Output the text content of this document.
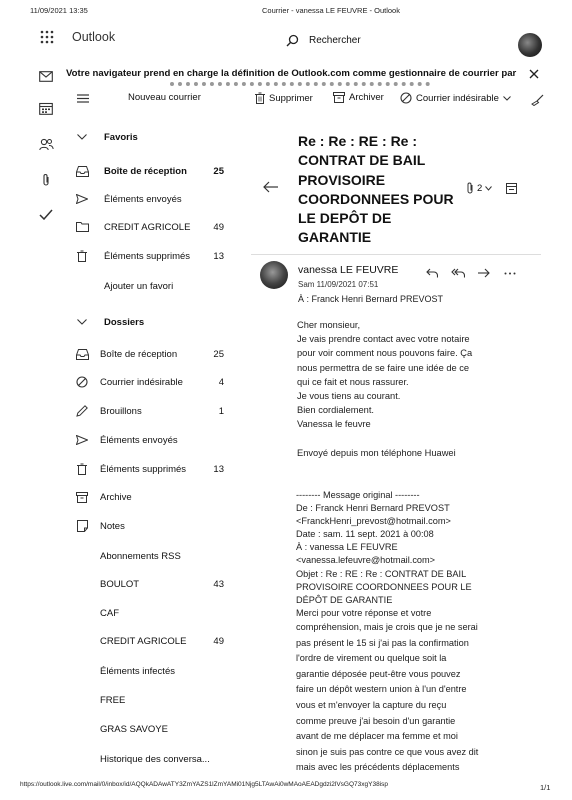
11/09/2021 13:35	Courrier - vanessa LE FEUVRE - Outlook
Outlook	Rechercher
Votre navigateur prend en charge la définition de Outlook.com comme gestionnaire de courrier par
Nouveau courrier	Supprimer	Archiver	Courrier indésirable
Favoris
Boîte de réception	25
Éléments envoyés
CREDIT AGRICOLE 49
Éléments supprimés 13
Ajouter un favori
Dossiers
Boîte de réception	25
Courrier indésirable	4
Brouillons	1
Éléments envoyés
Éléments supprimés	13
Archive
Notes
Abonnements RSS
BOULOT	43
CAF
CREDIT AGRICOLE	49
Éléments infectés
FREE
GRAS SAVOYE
Historique des conversa...
Re : Re : RE : Re :
CONTRAT DE BAIL
PROVISOIRE
COORDONNEES POUR
LE DEPÔT DE
GARANTIE
2
vanessa LE FEUVRE
Sam 11/09/2021 07:51
À : Franck Henri Bernard PREVOST
Cher monsieur,
Je vais prendre contact avec votre notaire
pour voir comment nous pouvons faire. Ça
nous permettra de se faire une idée de ce
qui ce fait et nous rassurer.
Je vous tiens au courant.
Bien cordialement.
Vanessa le feuvre
Envoyé depuis mon téléphone Huawei
-------- Message original --------
De : Franck Henri Bernard PREVOST
<FranckHenri_prevost@hotmail.com>
Date : sam. 11 sept. 2021 à 00:08
À : vanessa LE FEUVRE
<vanessa.lefeuvre@hotmail.com>
Objet : Re : RE : Re : CONTRAT DE BAIL
PROVISOIRE COORDONNEES POUR LE
DÉPÔT DE GARANTIE
Merci pour votre réponse et votre
compréhension, mais je crois que je ne serai
pas présent le 15 si j'ai pas la confirmation
l'ordre de virement ou quelque soit la
garantie déposée peut-être vous pouvez
faire un dépôt western union à l'un d'entre
vous et m'envoyer la capture du reçu
comme preuve j'ai besoin d'un garantie
avant de me déplacer ma femme et moi
sinon je suis pas contre ce que vous avez dit
mais avec les précédents déplacements
https://outlook.live.com/mail/0/inbox/id/AQQkADAwATY3ZmYAZS1lZmYAMi01Njg5LTAwAi0wMAoAEADgdzi2lVsGQ73xgY38isp	1/1
